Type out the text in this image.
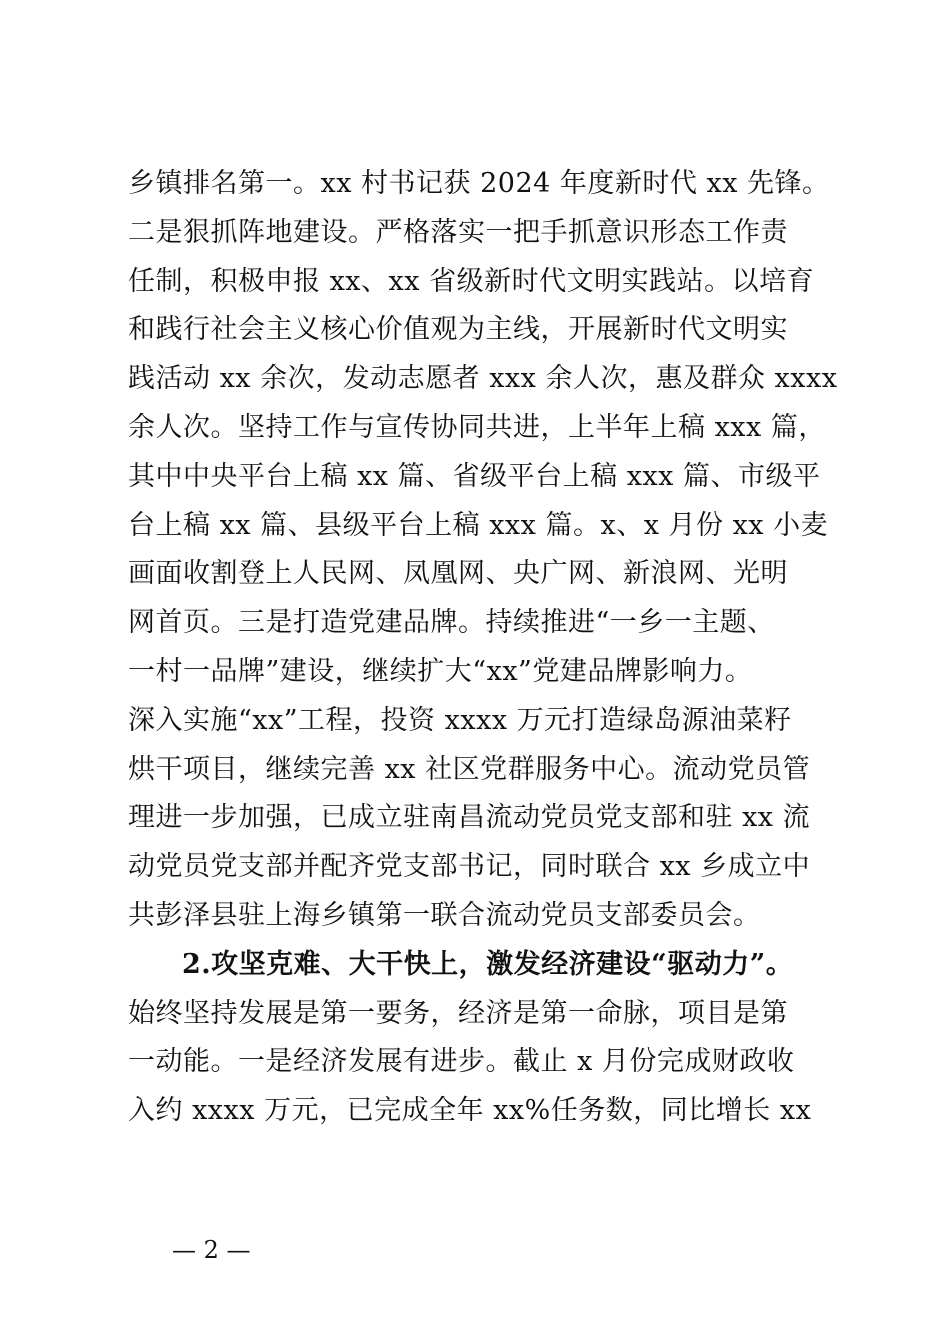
乡镇排名第一。xx 村书记获 2024 年度新时代 xx 先锋。
二是狠抓阵地建设。严格落实一把手抓意识形态工作责
任制，积极申报 xx、xx 省级新时代文明实践站。以培育
和践行社会主义核心价值观为主线，开展新时代文明实
践活动 xx 余次，发动志愿者 xxx 余人次，惠及群众 xxxx
余人次。坚持工作与宣传协同共进，上半年上稿 xxx 篇，
其中中央平台上稿 xx 篇、省级平台上稿 xxx 篇、市级平
台上稿 xx 篇、县级平台上稿 xxx 篇。x、x 月份 xx 小麦
画面收割登上人民网、凤凰网、央广网、新浪网、光明
网首页。三是打造党建品牌。持续推进“一乡一主题、
一村一品牌”建设，继续扩大“xx”党建品牌影响力。
深入实施“xx”工程，投资 xxxx 万元打造绿岛源油菜籽
烘干项目，继续完善 xx 社区党群服务中心。流动党员管
理进一步加强，已成立驻南昌流动党员党支部和驻 xx 流
动党员党支部并配齐党支部书记，同时联合 xx 乡成立中
共彭泽县驻上海乡镇第一联合流动党员支部委员会。
2.攻坚克难、大干快上，激发经济建设“驱动力”。
始终坚持发展是第一要务，经济是第一命脉，项目是第
一动能。一是经济发展有进步。截止 x 月份完成财政收
入约 xxxx 万元，已完成全年 xx%任务数，同比增长 xx
— 2 —
